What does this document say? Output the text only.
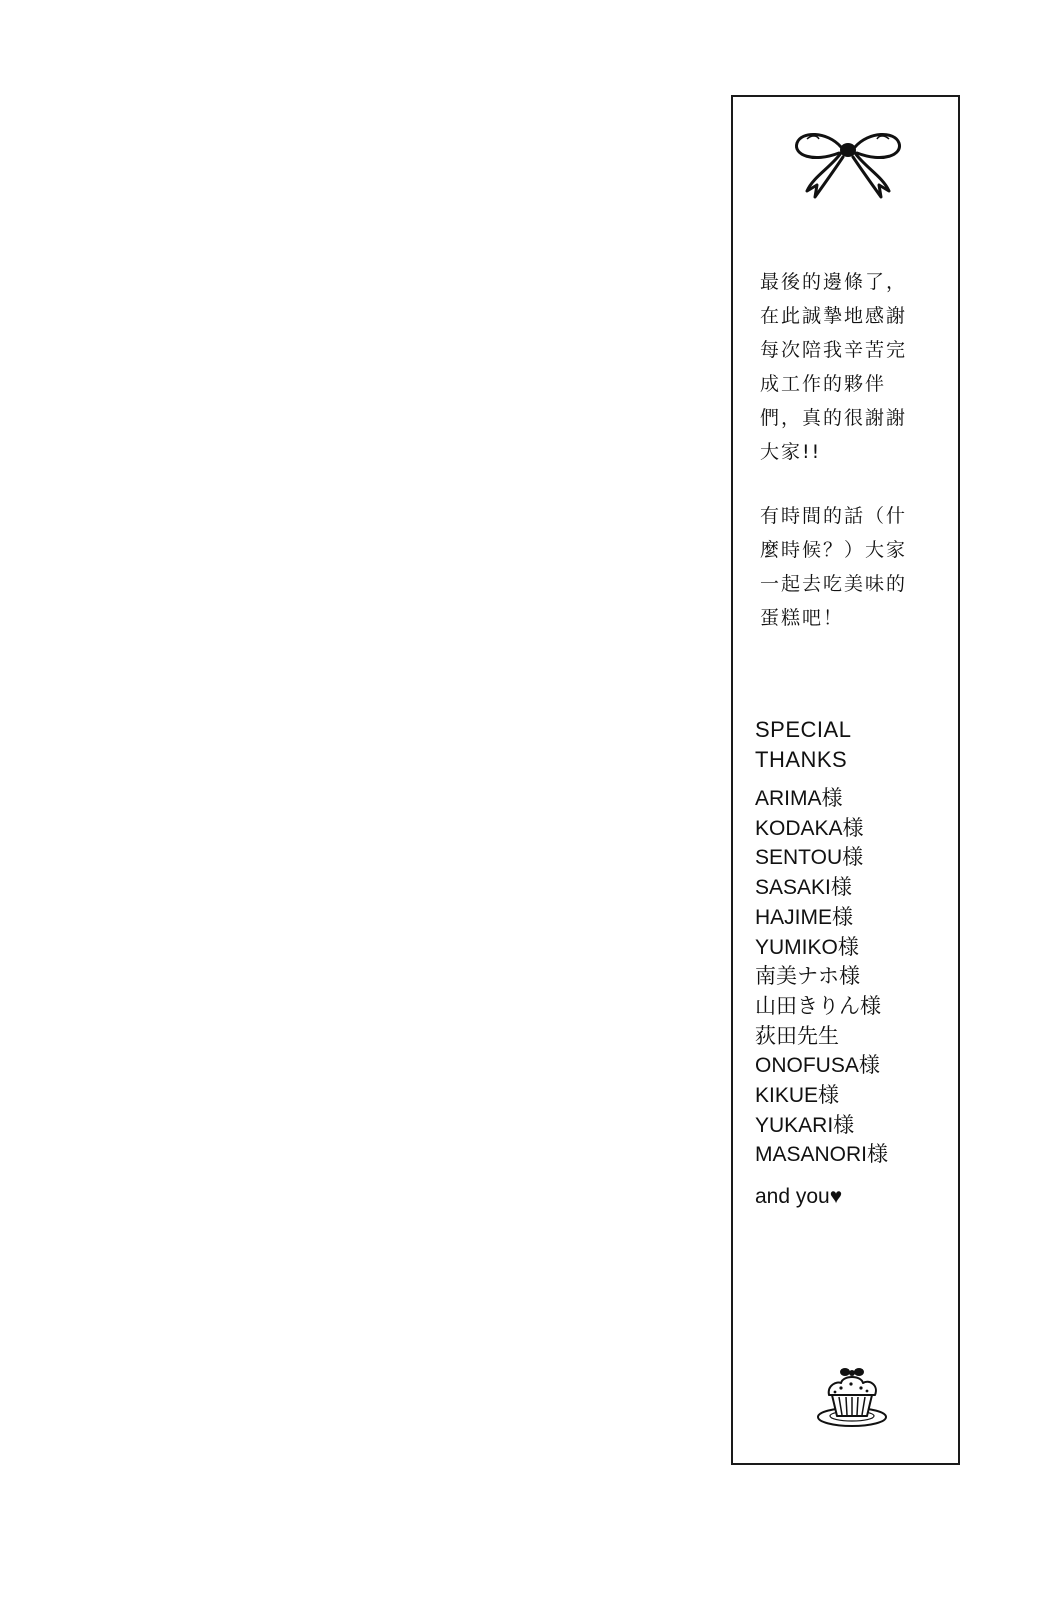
最後的邊條了，

在此誠摯地感謝

每次陪我辛苦完

成工作的夥伴

們，真的很謝謝

大家!!

有時間的話（什

麼時候？）大家

一起去吃美味的

蛋糕吧！

SPECIAL
THANKS
ARIMA様
KODAKA様
SENTOU様
SASAKI様
HAJIME様
YUMIKO様
南美ナホ様
山田きりん様
荻田先生
ONOFUSA様
KIKUE様
YUKARI様
MASANORI様
and you♥
